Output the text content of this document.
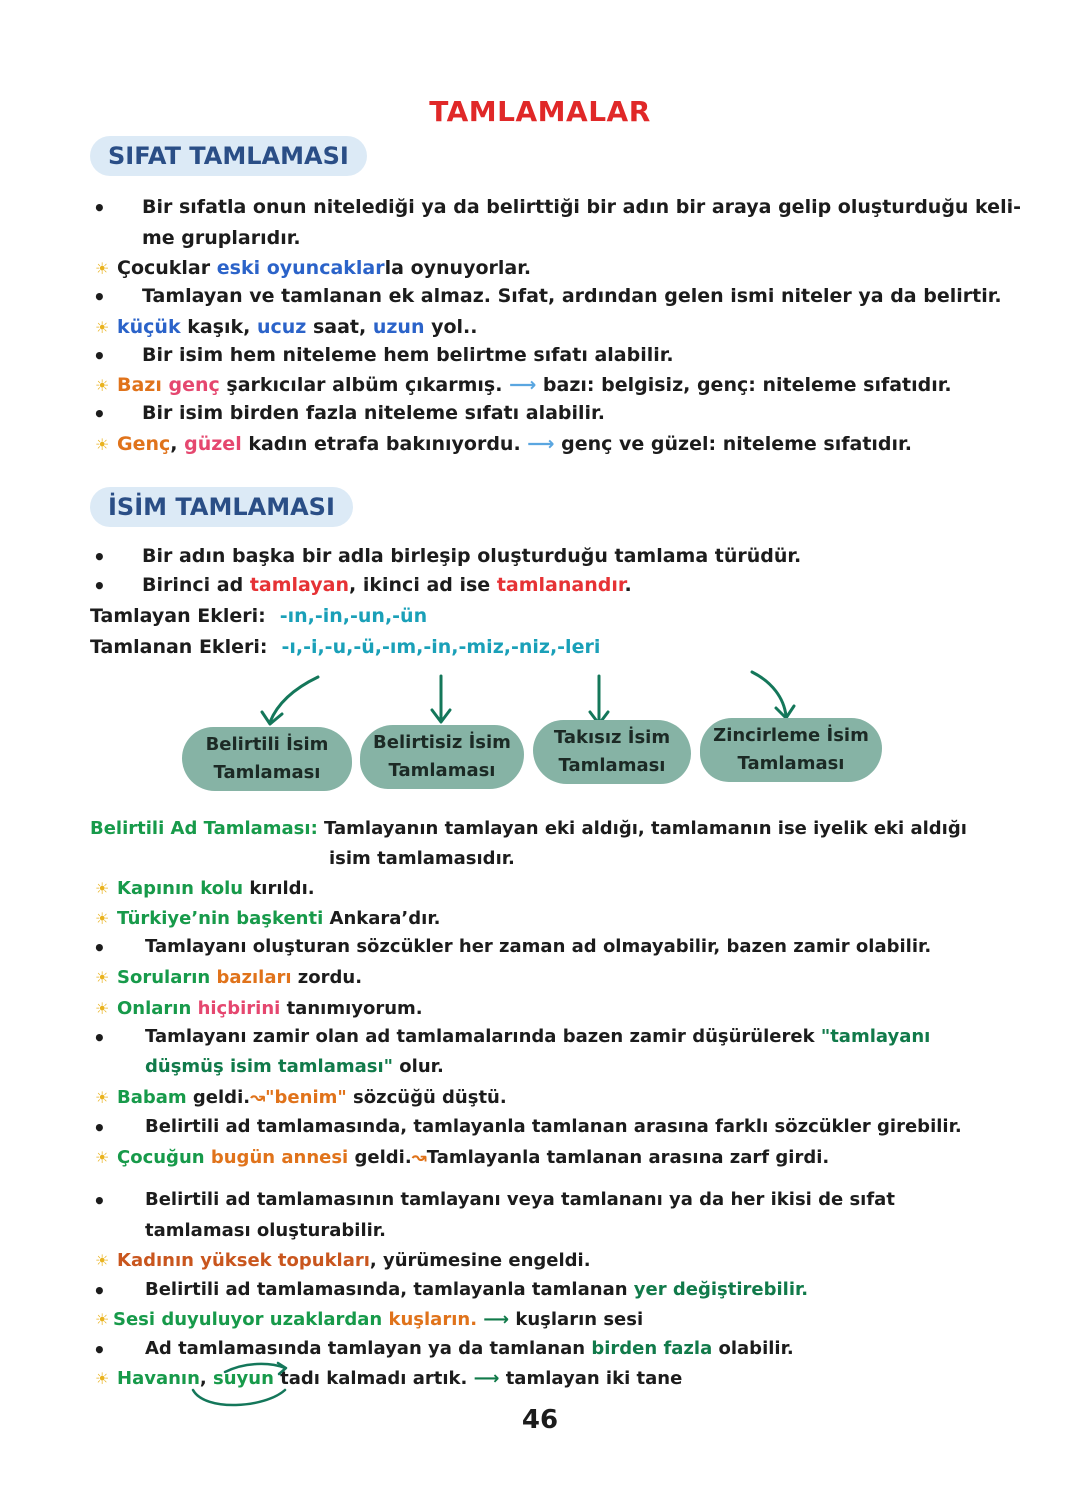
TAMLAMALAR
SIFAT TAMLAMASI
• Bir sıfatla onun nitelediği ya da belirttiği bir adın bir araya gelip oluşturduğu keli-
me gruplarıdır.
☀ Çocuklar eski oyuncaklarla oynuyorlar.
• Tamlayan ve tamlanan ek almaz. Sıfat, ardından gelen ismi niteler ya da belirtir.
☀ küçük kaşık, ucuz saat, uzun yol..
• Bir isim hem niteleme hem belirtme sıfatı alabilir.
☀ Bazı genç şarkıcılar albüm çıkarmış. ⟶ bazı: belgisiz, genç: niteleme sıfatıdır.
• Bir isim birden fazla niteleme sıfatı alabilir.
☀ Genç, güzel kadın etrafa bakınıyordu. ⟶ genç ve güzel: niteleme sıfatıdır.
İSİM TAMLAMASI
• Bir adın başka bir adla birleşip oluşturduğu tamlama türüdür.
• Birinci ad tamlayan, ikinci ad ise tamlanandır.
Tamlayan Ekleri: -ın,-in,-un,-ün
Tamlanan Ekleri: -ı,-i,-u,-ü,-ım,-in,-miz,-niz,-leri
Belirtili İsim
Tamlaması
Belirtisiz İsim
Tamlaması
Takısız İsim
Tamlaması
Zincirleme İsim
Tamlaması
Belirtili Ad Tamlaması: Tamlayanın tamlayan eki aldığı, tamlamanın ise iyelik eki aldığı
isim tamlamasıdır.
☀ Kapının kolu kırıldı.
☀ Türkiye’nin başkenti Ankara’dır.
• Tamlayanı oluşturan sözcükler her zaman ad olmayabilir, bazen zamir olabilir.
☀ Soruların bazıları zordu.
☀ Onların hiçbirini tanımıyorum.
• Tamlayanı zamir olan ad tamlamalarında bazen zamir düşürülerek "tamlayanı
düşmüş isim tamlaması" olur.
☀ Babam geldi.↝"benim" sözcüğü düştü.
• Belirtili ad tamlamasında, tamlayanla tamlanan arasına farklı sözcükler girebilir.
☀ Çocuğun bugün annesi geldi.↝Tamlayanla tamlanan arasına zarf girdi.
• Belirtili ad tamlamasının tamlayanı veya tamlananı ya da her ikisi de sıfat
tamlaması oluşturabilir.
☀ Kadının yüksek topukları, yürümesine engeldi.
• Belirtili ad tamlamasında, tamlayanla tamlanan yer değiştirebilir.
☀ Sesi duyuluyor uzaklardan kuşların. ⟶ kuşların sesi
• Ad tamlamasında tamlayan ya da tamlanan birden fazla olabilir.
☀ Havanın, suyun tadı kalmadı artık. ⟶ tamlayan iki tane
46
